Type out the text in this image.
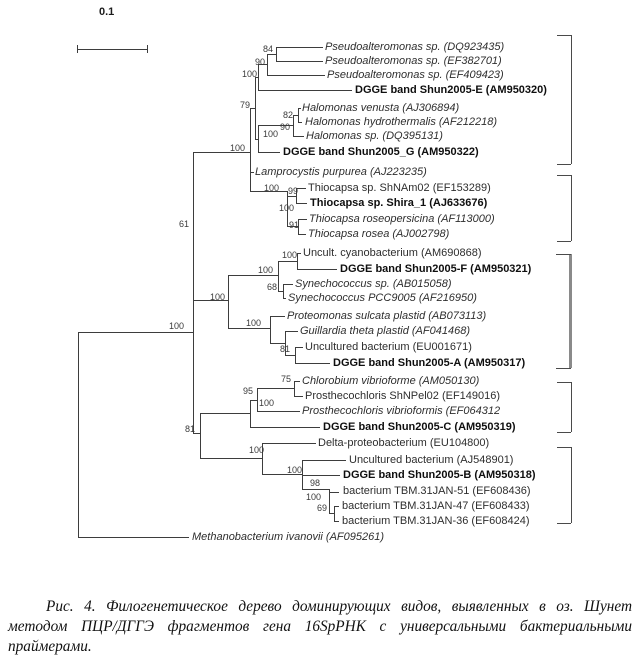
0.1

Рис. 4. Филогенетическое дерево доминирующих видов, выявленных в оз. Шунет методом ПЦР/ДГГЭ фрагментов гена 16SрРНК с универсальными бактериальными праймерами.

Pseudoalteromonas sp. (DQ923435)
Pseudoalteromonas sp. (EF382701)
Pseudoalteromonas sp. (EF409423)
DGGE band Shun2005-E (AM950320)
Halomonas venusta (AJ306894)
Halomonas hydrothermalis (AF212218)
Halomonas sp. (DQ395131)
DGGE band Shun2005_G (AM950322)
Lamprocystis purpurea (AJ223235)
Thiocapsa sp. ShNAm02 (EF153289)
Thiocapsa sp. Shira_1 (AJ633676)
Thiocapsa roseopersicina (AF113000)
Thiocapsa rosea (AJ002798)
Uncult. cyanobacterium (AM690868)
DGGE band Shun2005-F (AM950321)
Synechococcus sp. (AB015058)
Synechococcus PCC9005 (AF216950)
Proteomonas sulcata plastid (AB073113)
Guillardia theta plastid (AF041468)
Uncultured bacterium (EU001671)
DGGE band Shun2005-A (AM950317)
Chlorobium vibrioforme (AM050130)
Prosthecochloris ShNPel02 (EF149016)
Prosthecochloris vibrioformis (EF064312
DGGE band Shun2005-C (AM950319)
Delta-proteobacterium (EU104800)
Uncultured bacterium (AJ548901)
DGGE band Shun2005-B (AM950318)
bacterium TBM.31JAN-51 (EF608436)
bacterium TBM.31JAN-47 (EF608433)
bacterium TBM.31JAN-36 (EF608424)
Methanobacterium ivanovii (AF095261)
84
90
100
79
82
90
100
100
100 99
100
91
61
100
100
68
100
100
81
100
75
95
100
81
100
100
98
100
69
